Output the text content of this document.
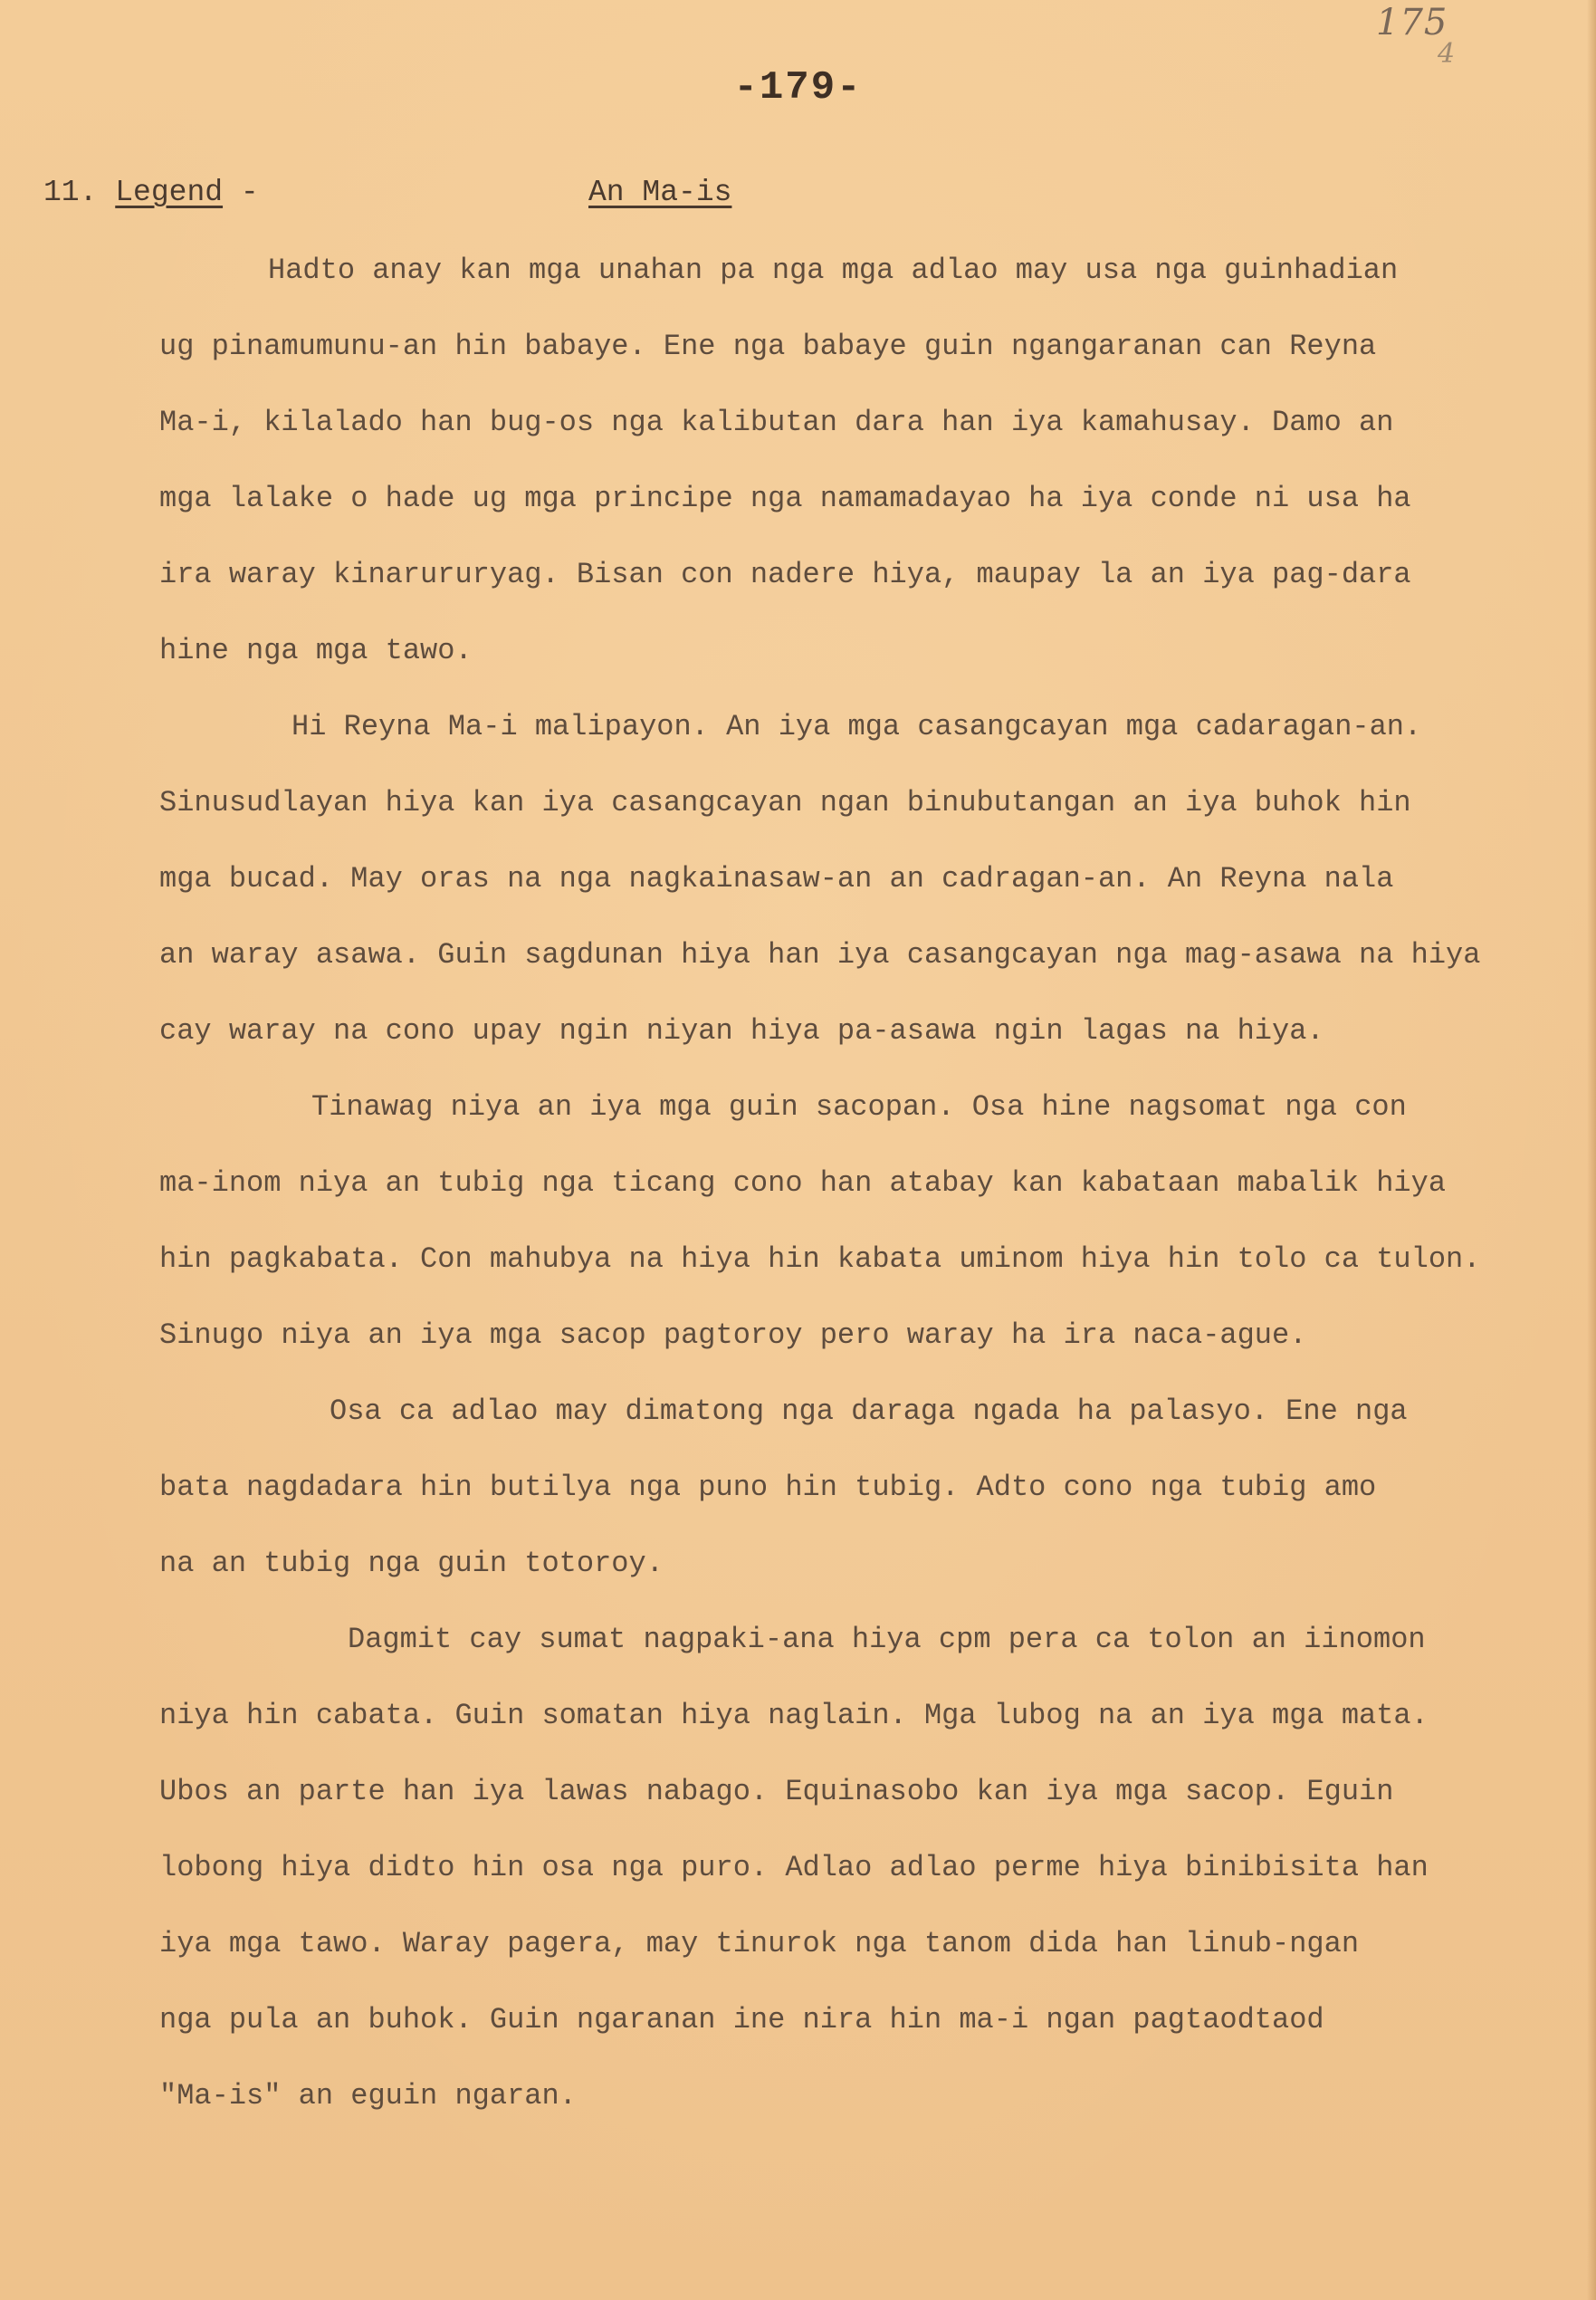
175
4
-179-
11. Legend -	An Ma-is
Hadto anay kan mga unahan pa nga mga adlao may usa nga guinhadian
ug pinamumunu-an hin babaye. Ene nga babaye guin ngangaranan can Reyna
Ma-i, kilalado han bug-os nga kalibutan dara han iya kamahusay. Damo an
mga lalake o hade ug mga principe nga namamadayao ha iya conde ni usa ha
ira waray kinarururyag. Bisan con nadere hiya, maupay la an iya pag-dara
hine nga mga tawo.
Hi Reyna Ma-i malipayon. An iya mga casangcayan mga cadaragan-an.
Sinusudlayan hiya kan iya casangcayan ngan binubutangan an iya buhok hin
mga bucad. May oras na nga nagkainasaw-an an cadragan-an. An Reyna nala
an waray asawa. Guin sagdunan hiya han iya casangcayan nga mag-asawa na hiya
cay waray na cono upay ngin niyan hiya pa-asawa ngin lagas na hiya.
Tinawag niya an iya mga guin sacopan. Osa hine nagsomat nga con
ma-inom niya an tubig nga ticang cono han atabay kan kabataan mabalik hiya
hin pagkabata. Con mahubya na hiya hin kabata uminom hiya hin tolo ca tulon.
Sinugo niya an iya mga sacop pagtoroy pero waray ha ira naca-ague.
Osa ca adlao may dimatong nga daraga ngada ha palasyo. Ene nga
bata nagdadara hin butilya nga puno hin tubig. Adto cono nga tubig amo
na an tubig nga guin totoroy.
Dagmit cay sumat nagpaki-ana hiya cpm pera ca tolon an iinomon
niya hin cabata. Guin somatan hiya naglain. Mga lubog na an iya mga mata.
Ubos an parte han iya lawas nabago. Equinasobo kan iya mga sacop. Eguin
lobong hiya didto hin osa nga puro. Adlao adlao perme hiya binibisita han
iya mga tawo. Waray pagera, may tinurok nga tanom dida han linub-ngan
nga pula an buhok. Guin ngaranan ine nira hin ma-i ngan pagtaodtaod
"Ma-is" an eguin ngaran.
